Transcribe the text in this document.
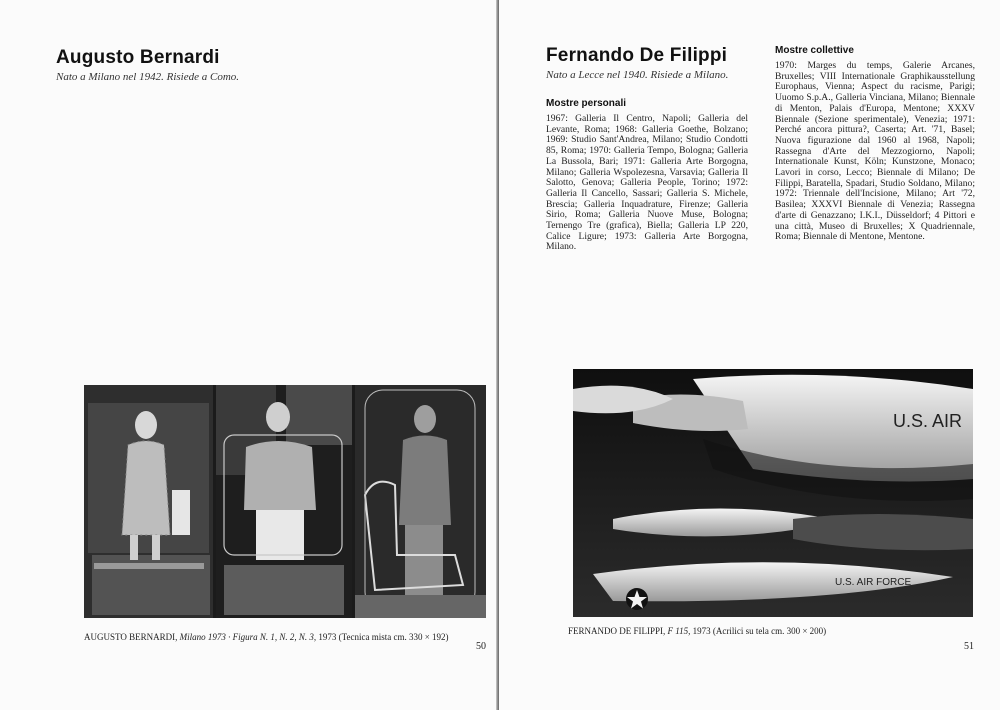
Augusto Bernardi
Nato a Milano nel 1942. Risiede a Como.
AUGUSTO BERNARDI, Milano 1973 · Figura N. 1, N. 2, N. 3, 1973 (Tecnica mista cm. 330 × 192)
50
Fernando De Filippi
Nato a Lecce nel 1940. Risiede a Milano.
Mostre personali
1967: Galleria Il Centro, Napoli; Galleria del Levante, Roma; 1968: Galleria Goethe, Bolzano; 1969: Studio Sant'Andrea, Milano; Studio Condotti 85, Roma; 1970: Galleria Tempo, Bologna; Galleria La Bussola, Bari; 1971: Galleria Arte Borgogna, Milano; Galleria Wspolezesna, Varsavia; Galleria Il Salotto, Genova; Galleria People, Torino; 1972: Galleria Il Cancello, Sassari; Galleria S. Michele, Brescia; Galleria Inquadrature, Firenze; Galleria Sirio, Roma; Galleria Nuove Muse, Bologna; Ternengo Tre (grafica), Biella; Galleria LP 220, Calice Ligure; 1973: Galleria Arte Borgogna, Milano.
Mostre collettive
1970: Marges du temps, Galerie Arcanes, Bruxelles; VIII Internationale Graphikausstellung Europhaus, Vienna; Aspect du racisme, Parigi; Uuomo S.p.A., Galleria Vinciana, Milano; Biennale di Menton, Palais d'Europa, Mentone; XXXV Biennale (Sezione sperimentale), Venezia; 1971: Perché ancora pittura?, Caserta; Art. '71, Basel; Nuova figurazione dal 1960 al 1968, Napoli; Rassegna d'Arte del Mezzogiorno, Napoli; Internationale Kunst, Köln; Kunstzone, Monaco; Lavori in corso, Lecco; Biennale di Milano; De Filippi, Baratella, Spadari, Studio Soldano, Milano; 1972: Triennale dell'Incisione, Milano; Art '72, Basilea; XXXVI Biennale di Venezia; Rassegna d'arte di Genazzano; I.K.I., Düsseldorf; 4 Pittori e una città, Museo di Bruxelles; X Quadriennale, Roma; Biennale di Mentone, Mentone.
FERNANDO DE FILIPPI, F 115, 1973 (Acrilici su tela cm. 300 × 200)
51
U.S. AIR
U.S. AIR FORCE
